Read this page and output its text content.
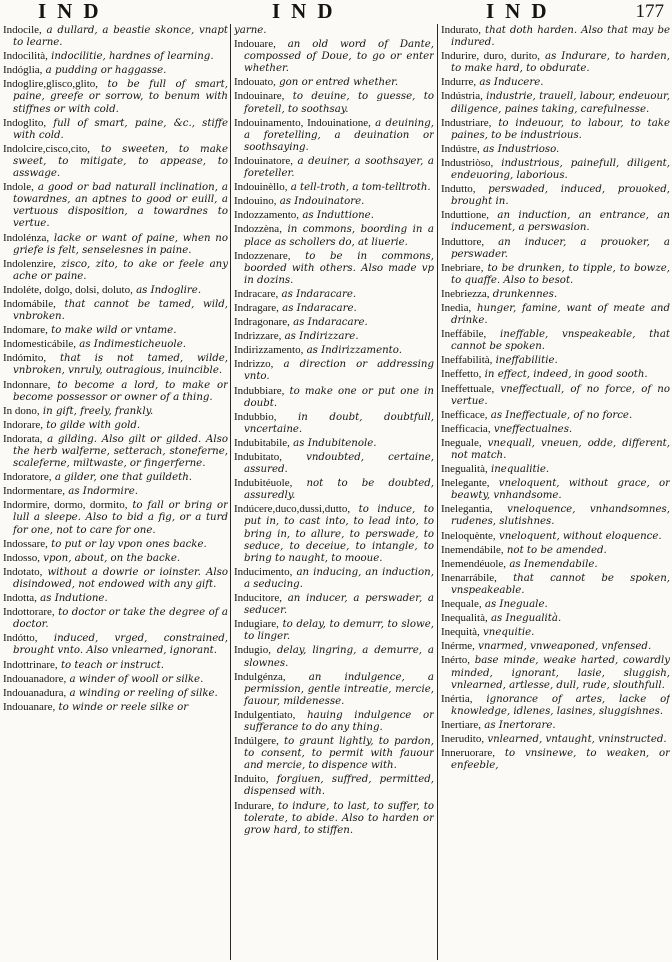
IND	IND	IND	177

Indocile, a dullard, a beastie skonce, vnapt to learne.

Indocilità, indocilitie, hardnes of learning.

Indóglia, a pudding or haggasse.

Indoglire,glisco,glito, to be full of smart, paine, greefe or sorrow, to benum with stiffnes or with cold.

Indoglito, full of smart, paine, &c., stiffe with cold.

Indolcire,cisco,cito, to sweeten, to make sweet, to mitigate, to appease, to asswage.

Indole, a good or bad naturall inclination, a towardnes, an aptnes to good or euill, a vertuous disposition, a towardnes to vertue.

Indolénza, lacke or want of paine, when no griefe is felt, senselesnes in paine.

Indolenzire, zisco, zito, to ake or feele any ache or paine.

Indoléte, dolgo, dolsi, doluto, as Indoglire.

Indomábile, that cannot be tamed, wild, vnbroken.

Indomare, to make wild or vntame.

Indomesticábile, as Indimesticheuole.

Indómito, that is not tamed, wilde, vnbroken, vnruly, outragious, inuincible.

Indonnare, to become a lord, to make or become possessor or owner of a thing.

In dono, in gift, freely, frankly.

Indorare, to gilde with gold.

Indorata, a gilding. Also gilt or gilded. Also the herb walferne, setterach, stoneferne, scaleferne, miltwaste, or fingerferne.

Indoratore, a gilder, one that guildeth.

Indormentare, as Indormire.

Indormire, dormo, dormito, to fall or bring or lull a sleepe. Also to bid a fig, or a turd for one, not to care for one.

Indossare, to put or lay vpon ones backe.

Indosso, vpon, about, on the backe.

Indotato, without a dowrie or ioinster. Also disindowed, not endowed with any gift.

Indotta, as Indutione.

Indottorare, to doctor or take the degree of a doctor.

Indótto, induced, vrged, constrained, brought vnto. Also vnlearned, ignorant.

Indottrinare, to teach or instruct.

Indouanadore, a winder of wooll or silke.

Indouanadura, a winding or reeling of silke.

Indouanare, to winde or reele silke or

yarne.

Indouare, an old word of Dante, compossed of Doue, to go or enter whether.

Indouato, gon or entred whether.

Indouinare, to deuine, to guesse, to foretell, to soothsay.

Indouinamento, Indouinatione, a deuining, a foretelling, a deuination or soothsaying.

Indouinatore, a deuiner, a soothsayer, a foreteller.

Indouinèllo, a tell-troth, a tom-telltroth.

Indouino, as Indouinatore.

Indozzamento, as Induttione.

Indozzèna, in commons, boording in a place as schollers do, at liuerie.

Indozzenare, to be in commons, boorded with others. Also made vp in dozins.

Indracare, as Indaracare.

Indragare, as Indaracare.

Indragonare, as Indaracare.

Indrizzare, as Indirizzare.

Indirizzamento, as Indirizzamento.

Indrizzo, a direction or addressing vnto.

Indubbiare, to make one or put one in doubt.

Indubbio, in doubt, doubtfull, vncertaine.

Indubitabile, as Indubitenole.

Indubitato, vndoubted, certaine, assured.

Indubitéuole, not to be doubted, assuredly.

Indúcere,duco,dussi,dutto, to induce, to put in, to cast into, to lead into, to bring in, to allure, to perswade, to seduce, to deceiue, to intangle, to bring to naught, to mooue.

Inducimento, an inducing, an induction, a seducing.

Inducitore, an inducer, a perswader, a seducer.

Indugiare, to delay, to demurr, to slowe, to linger.

Indugio, delay, lingring, a demurre, a slownes.

Indulgénza, an indulgence, a permission, gentle intreatie, mercie, fauour, mildenesse.

Indulgentiato, hauing indulgence or sufferance to do any thing.

Indúlgere, to graunt lightly, to pardon, to consent, to permit with fauour and mercie, to dispence with.

Induito, forgiuen, suffred, permitted, dispensed with.

Indurare, to indure, to last, to suffer, to tolerate, to abide. Also to harden or grow hard, to stiffen.

Indurato, that doth harden. Also that may be indured.

Indurire, duro, durito, as Indurare, to harden, to make hard, to obdurate.

Indurre, as Inducere.

Indústria, industrie, trauell, labour, endeuour, diligence, paines taking, carefulnesse.

Industriare, to indeuour, to labour, to take paines, to be industrious.

Indústre, as Industrioso.

Industriòso, industrious, painefull, diligent, endeuoring, laborious.

Indutto, perswaded, induced, prouoked, brought in.

Induttione, an induction, an entrance, an inducement, a perswasion.

Induttore, an inducer, a prouoker, a perswader.

Inebriare, to be drunken, to tipple, to bowze, to quaffe. Also to besot.

Inebriezza, drunkennes.

Inedia, hunger, famine, want of meate and drinke.

Ineffábile, ineffable, vnspeakeable, that cannot be spoken.

Ineffabilità, ineffabilitie.

Ineffetto, in effect, indeed, in good sooth.

Ineffettuale, vneffectuall, of no force, of no vertue.

Inefficace, as Ineffectuale, of no force.

Inefficacia, vneffectualnes.

Ineguale, vnequall, vneuen, odde, different, not match.

Inegualità, inequalitie.

Inelegante, vneloquent, without grace, or beawty, vnhandsome.

Inelegantia, vneloquence, vnhandsomnes, rudenes, slutishnes.

Ineloquènte, vneloquent, without eloquence.

Inemendábile, not to be amended.

Inemendéuole, as Inemendabile.

Inenarrábile, that cannot be spoken, vnspeakeable.

Inequale, as Ineguale.

Inequalità, as Inegualità.

Inequità, vnequitie.

Inérme, vnarmed, vnweaponed, vnfensed.

Inérto, base minde, weake harted, cowardly minded, ignorant, lasie, sluggish, vnlearned, artlesse, dull, rude, slouthfull.

Inértia, ignorance of artes, lacke of knowledge, idlenes, lasines, sluggishnes.

Inertiare, as Inertorare.

Inerudito, vnlearned, vntaught, vninstructed.

Inneruorare, to vnsinewe, to weaken, or enfeeble,
